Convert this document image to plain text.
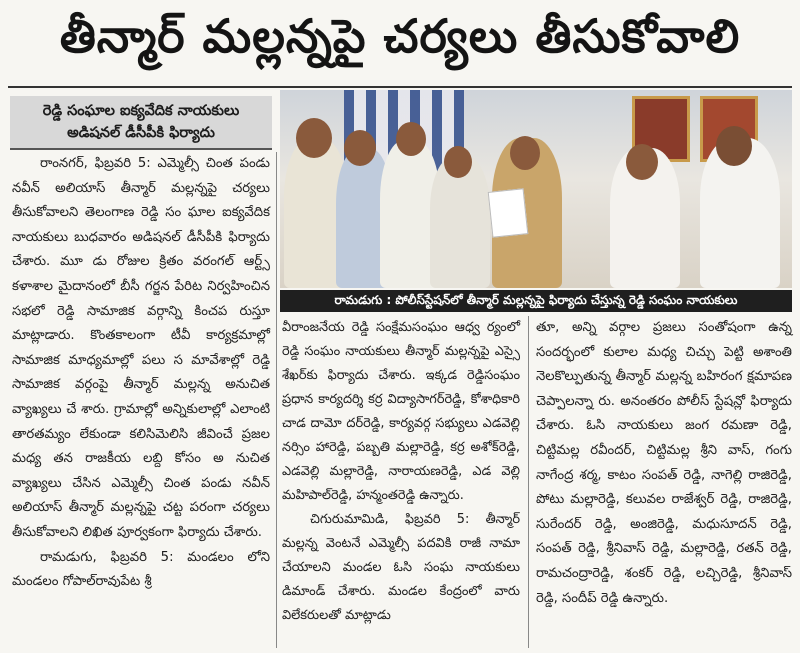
తీన్మార్ మల్లన్నపై చర్యలు తీసుకోవాలి
రెడ్డి సంఘాల ఐక్యవేదిక నాయకులు
అడిషనల్ డీసీపీకి ఫిర్యాదు
రామడుగు : పోలీస్‌స్టేషన్‌లో తీన్మార్ మల్లన్నపై ఫిర్యాదు చేస్తున్న రెడ్డి సంఘం నాయకులు

రాంనగర్, ఫిబ్రవరి 5: ఎమ్మెల్సీ చింత పండు నవీన్ అలియాస్ తీన్మార్ మల్లన్నపై చర్యలు తీసుకోవాలని తెలంగాణ రెడ్డి సం ఘాల ఐక్యవేదిక నాయకులు బుధవారం అడిషనల్ డీసీపీకి ఫిర్యాదు చేశారు. మూ డు రోజుల క్రితం వరంగల్ ఆర్ట్స్ కళాశాల మైదానంలో బీసీ గర్జన పేరిట నిర్వహించిన సభలో రెడ్డి సామాజిక వర్గాన్ని కించప రుస్తూ మాట్లాడారు. కొంతకాలంగా టీవీ కార్యక్రమాల్లో సామాజిక మాధ్యమాల్లో పలు స మావేశాల్లో రెడ్డి సామాజిక వర్గంపై తీన్మార్ మల్లన్న అనుచిత వ్యాఖ్యలు చే శారు. గ్రామాల్లో అన్నికులాల్లో ఎలాంటి తారతమ్యం లేకుండా కలిసిమెలిసి జీవించే ప్రజల మధ్య తన రాజకీయ లబ్ది కోసం అ నుచిత వ్యాఖ్యలు చేసిన ఎమ్మెల్సీ చింత పండు నవీన్ అలియాస్ తీన్మార్ మల్లన్నపై చట్ట పరంగా చర్యలు తీసుకోవాలని లిఖిత పూర్వకంగా ఫిర్యాదు చేశారు.

రామడుగు, ఫిబ్రవరి 5: మండలం లోని మండలం గోపాల్‌రావుపేట శ్రీ

వీరాంజనేయ రెడ్డి సంక్షేమసంఘం ఆధ్వ ర్యంలో రెడ్డి సంఘం నాయకులు తీన్మార్ మల్లన్నపై ఎస్సై శేఖర్‌కు ఫిర్యాదు చేశారు. ఇక్కడ రెడ్డిసంఘం ప్రధాన కార్యదర్శి కర్ర విద్యాసాగర్‌రెడ్డి, కోశాధికారి చాడ దామో దర్‌రెడ్డి, కార్యవర్గ సభ్యులు ఎడవెల్లి నర్సిం హారెడ్డి, పబ్బతి మల్లారెడ్డి, కర్ర అశోక్‌రెడ్డి, ఎడవెల్లి మల్లారెడ్డి, నారాయణరెడ్డి, ఎడ వెల్లి మహిపాల్‌రెడ్డి, హన్మంతరెడ్డి ఉన్నారు.

చిగురుమామిడి, ఫిబ్రవరి 5: తీన్మార్ మల్లన్న వెంటనే ఎమ్మెల్సీ పదవికి రాజీ నామా చేయాలని మండల ఓసి సంఘ నాయకులు డిమాండ్ చేశారు. మండల కేంద్రంలో వారు విలేకరులతో మాట్లాడు

తూ, అన్ని వర్గాల ప్రజలు సంతోషంగా ఉన్న సందర్భంలో కులాల మధ్య చిచ్చు పెట్టి అశాంతి నెలకొల్పుతున్న తీన్మార్ మల్లన్న బహిరంగ క్షమాపణ చెప్పాలన్నా రు. అనంతరం పోలీస్ స్టేషన్లో ఫిర్యాదు చేశారు. ఓసి నాయకులు జంగ రమణా రెడ్డి, చిట్టిమల్ల రవీందర్, చిట్టిమల్ల శ్రీని వాస్, గంగు నాగేంద్ర శర్మ, కాటం సంపత్ రెడ్డి, నాగెల్లి రాజిరెడ్డి, పోటు మల్లారెడ్డి, కలువల రాజేశ్వర్ రెడ్డి, రాజిరెడ్డి, సురేందర్ రెడ్డి, అంజిరెడ్డి, మధుసూదన్ రెడ్డి, సంపత్ రెడ్డి, శ్రీనివాస్ రెడ్డి, మల్లారెడ్డి, రతన్ రెడ్డి, రామచంద్రారెడ్డి, శంకర్ రెడ్డి, లచ్చిరెడ్డి, శ్రీనివాస్ రెడ్డి, సందీప్ రెడ్డి ఉన్నారు.
